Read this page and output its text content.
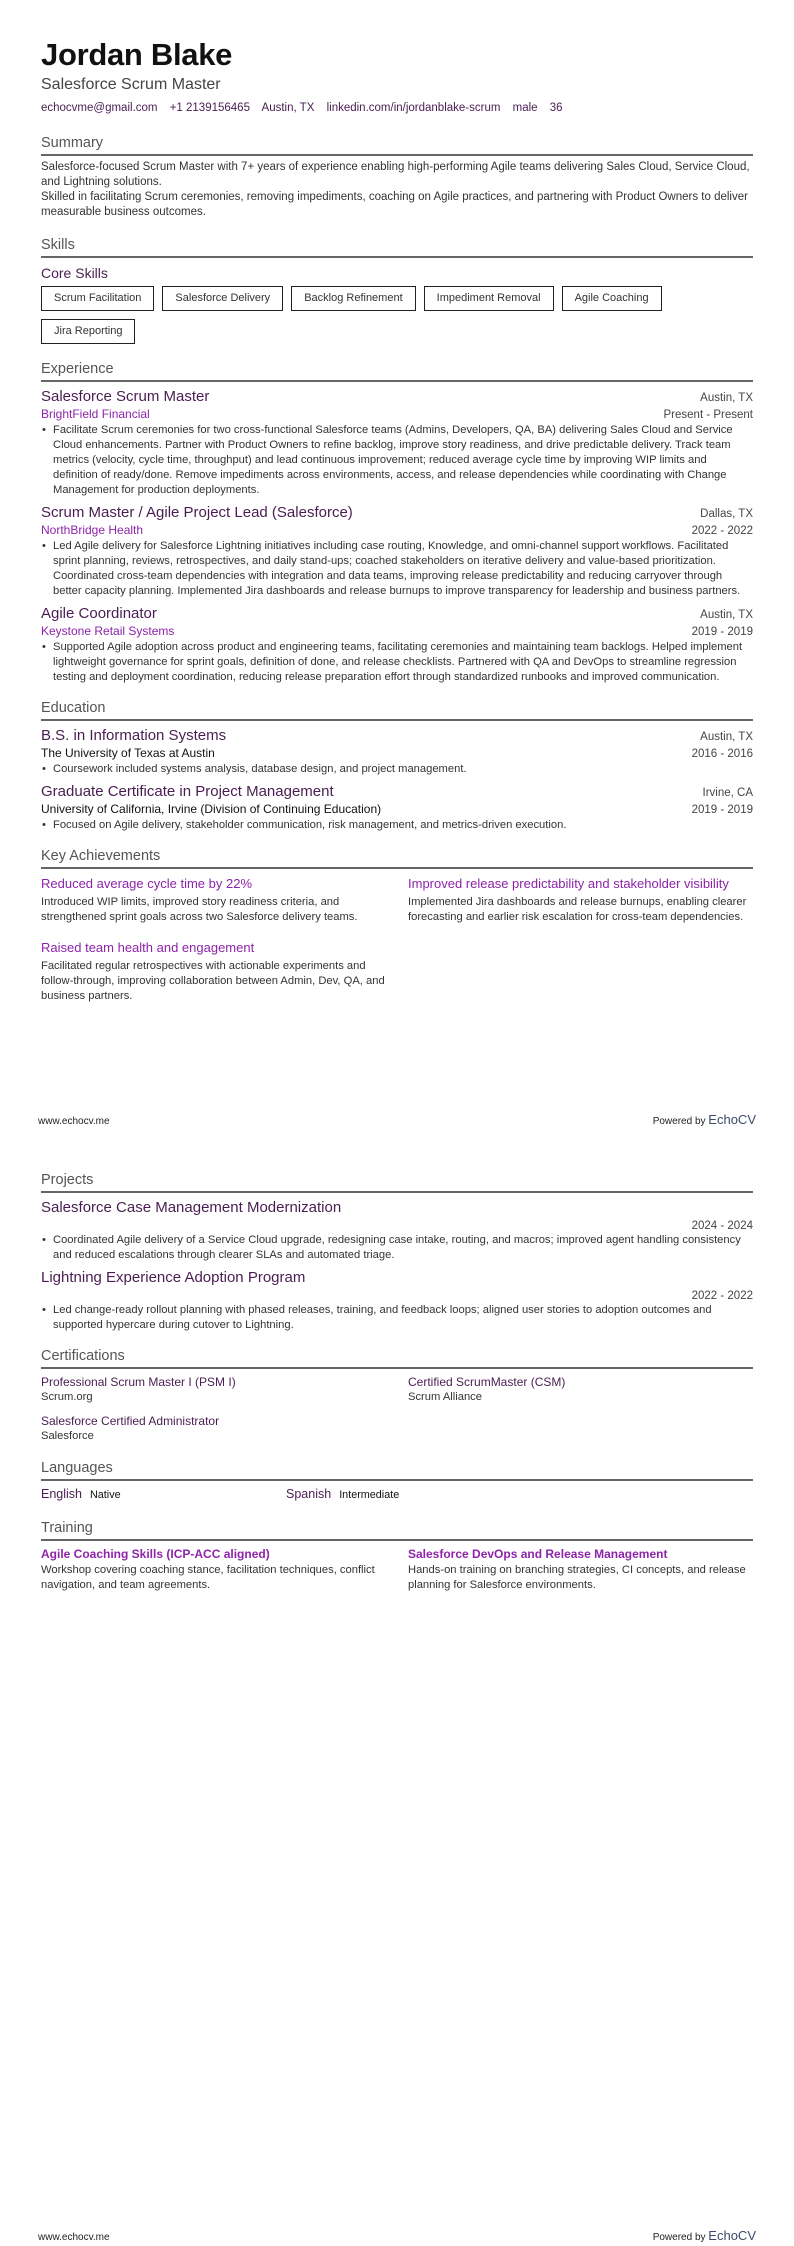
Jordan Blake
Salesforce Scrum Master
echocvme@gmail.com +1 2139156465 Austin, TX linkedin.com/in/jordanblake-scrum male 36
Summary

Salesforce-focused Scrum Master with 7+ years of experience enabling high-performing Agile teams delivering Sales Cloud, Service Cloud, and Lightning solutions.

Skilled in facilitating Scrum ceremonies, removing impediments, coaching on Agile practices, and partnering with Product Owners to deliver measurable business outcomes.

Skills
Core Skills
Scrum Facilitation	Salesforce Delivery	Backlog Refinement	Impediment Removal	Agile Coaching
Jira Reporting
Experience
Salesforce Scrum Master	Austin, TX
BrightField Financial	Present - Present
• Facilitate Scrum ceremonies for two cross-functional Salesforce teams (Admins, Developers, QA, BA) delivering Sales Cloud and Service Cloud enhancements. Partner with Product Owners to refine backlog, improve story readiness, and drive predictable delivery. Track team metrics (velocity, cycle time, throughput) and lead continuous improvement; reduced average cycle time by improving WIP limits and definition of ready/done. Remove impediments across environments, access, and release dependencies while coordinating with Change Management for production deployments.
Scrum Master / Agile Project Lead (Salesforce)	Dallas, TX
NorthBridge Health	2022 - 2022
• Led Agile delivery for Salesforce Lightning initiatives including case routing, Knowledge, and omni-channel support workflows. Facilitated sprint planning, reviews, retrospectives, and daily stand-ups; coached stakeholders on iterative delivery and value-based prioritization. Coordinated cross-team dependencies with integration and data teams, improving release predictability and reducing carryover through better capacity planning. Implemented Jira dashboards and release burnups to improve transparency for leadership and business partners.
Agile Coordinator	Austin, TX
Keystone Retail Systems	2019 - 2019
• Supported Agile adoption across product and engineering teams, facilitating ceremonies and maintaining team backlogs. Helped implement lightweight governance for sprint goals, definition of done, and release checklists. Partnered with QA and DevOps to streamline regression testing and deployment coordination, reducing release preparation effort through standardized runbooks and improved communication.
Education
B.S. in Information Systems	Austin, TX
The University of Texas at Austin	2016 - 2016
• Coursework included systems analysis, database design, and project management.
Graduate Certificate in Project Management	Irvine, CA
University of California, Irvine (Division of Continuing Education)	2019 - 2019
• Focused on Agile delivery, stakeholder communication, risk management, and metrics-driven execution.
Key Achievements
Reduced average cycle time by 22%
Introduced WIP limits, improved story readiness criteria, and strengthened sprint goals across two Salesforce delivery teams.
Improved release predictability and stakeholder visibility
Implemented Jira dashboards and release burnups, enabling clearer forecasting and earlier risk escalation for cross-team dependencies.
Raised team health and engagement
Facilitated regular retrospectives with actionable experiments and follow-through, improving collaboration between Admin, Dev, QA, and business partners.
www.echocv.me	Powered by EchoCV
Projects
Salesforce Case Management Modernization
2024 - 2024
• Coordinated Agile delivery of a Service Cloud upgrade, redesigning case intake, routing, and macros; improved agent handling consistency and reduced escalations through clearer SLAs and automated triage.
Lightning Experience Adoption Program
2022 - 2022
• Led change-ready rollout planning with phased releases, training, and feedback loops; aligned user stories to adoption outcomes and supported hypercare during cutover to Lightning.
Certifications
Professional Scrum Master I (PSM I)
Scrum.org
Certified ScrumMaster (CSM)
Scrum Alliance
Salesforce Certified Administrator
Salesforce
Languages
English Native	Spanish Intermediate
Training
Agile Coaching Skills (ICP-ACC aligned)
Workshop covering coaching stance, facilitation techniques, conflict navigation, and team agreements.
Salesforce DevOps and Release Management
Hands-on training on branching strategies, CI concepts, and release planning for Salesforce environments.
www.echocv.me	Powered by EchoCV
